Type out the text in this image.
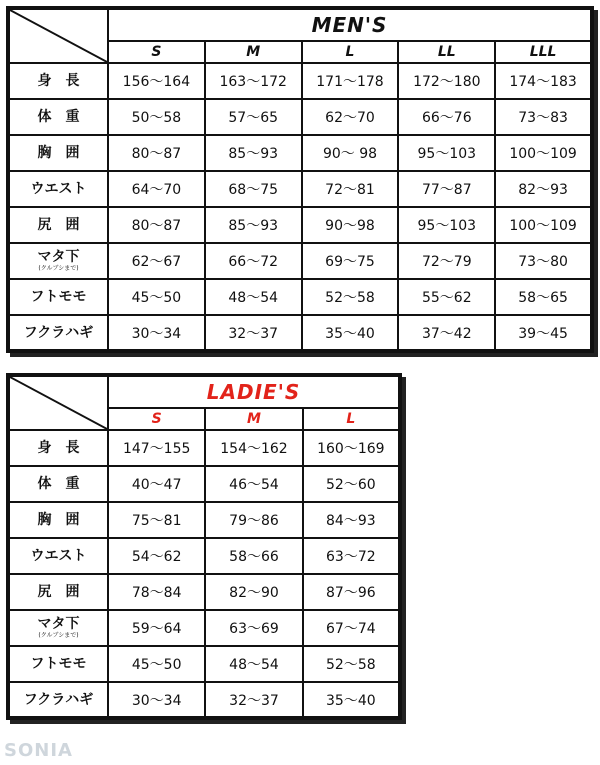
	MEN'S				
	S	M	L	LL	LLL

身　長	156〜164	163〜172	171〜178	172〜180	174〜183

体　重	50〜58	57〜65	62〜70	66〜76	73〜83

胸　囲	80〜87	85〜93	90〜 98	95〜103	100〜109

ウエスト	64〜70	68〜75	72〜81	77〜87	82〜93

尻　囲	80〜87	85〜93	90〜98	95〜103	100〜109

マタ下
(クルブシまで)	62〜67	66〜72	69〜75	72〜79	73〜80

フトモモ	45〜50	48〜54	52〜58	55〜62	58〜65

フクラハギ	30〜34	32〜37	35〜40	37〜42	39〜45
	LADIE'S		
	S	M	L

身　長	147〜155	154〜162	160〜169

体　重	40〜47	46〜54	52〜60

胸　囲	75〜81	79〜86	84〜93

ウエスト	54〜62	58〜66	63〜72

尻　囲	78〜84	82〜90	87〜96

マタ下
(クルブシまで)	59〜64	63〜69	67〜74

フトモモ	45〜50	48〜54	52〜58

フクラハギ	30〜34	32〜37	35〜40
SONIA
